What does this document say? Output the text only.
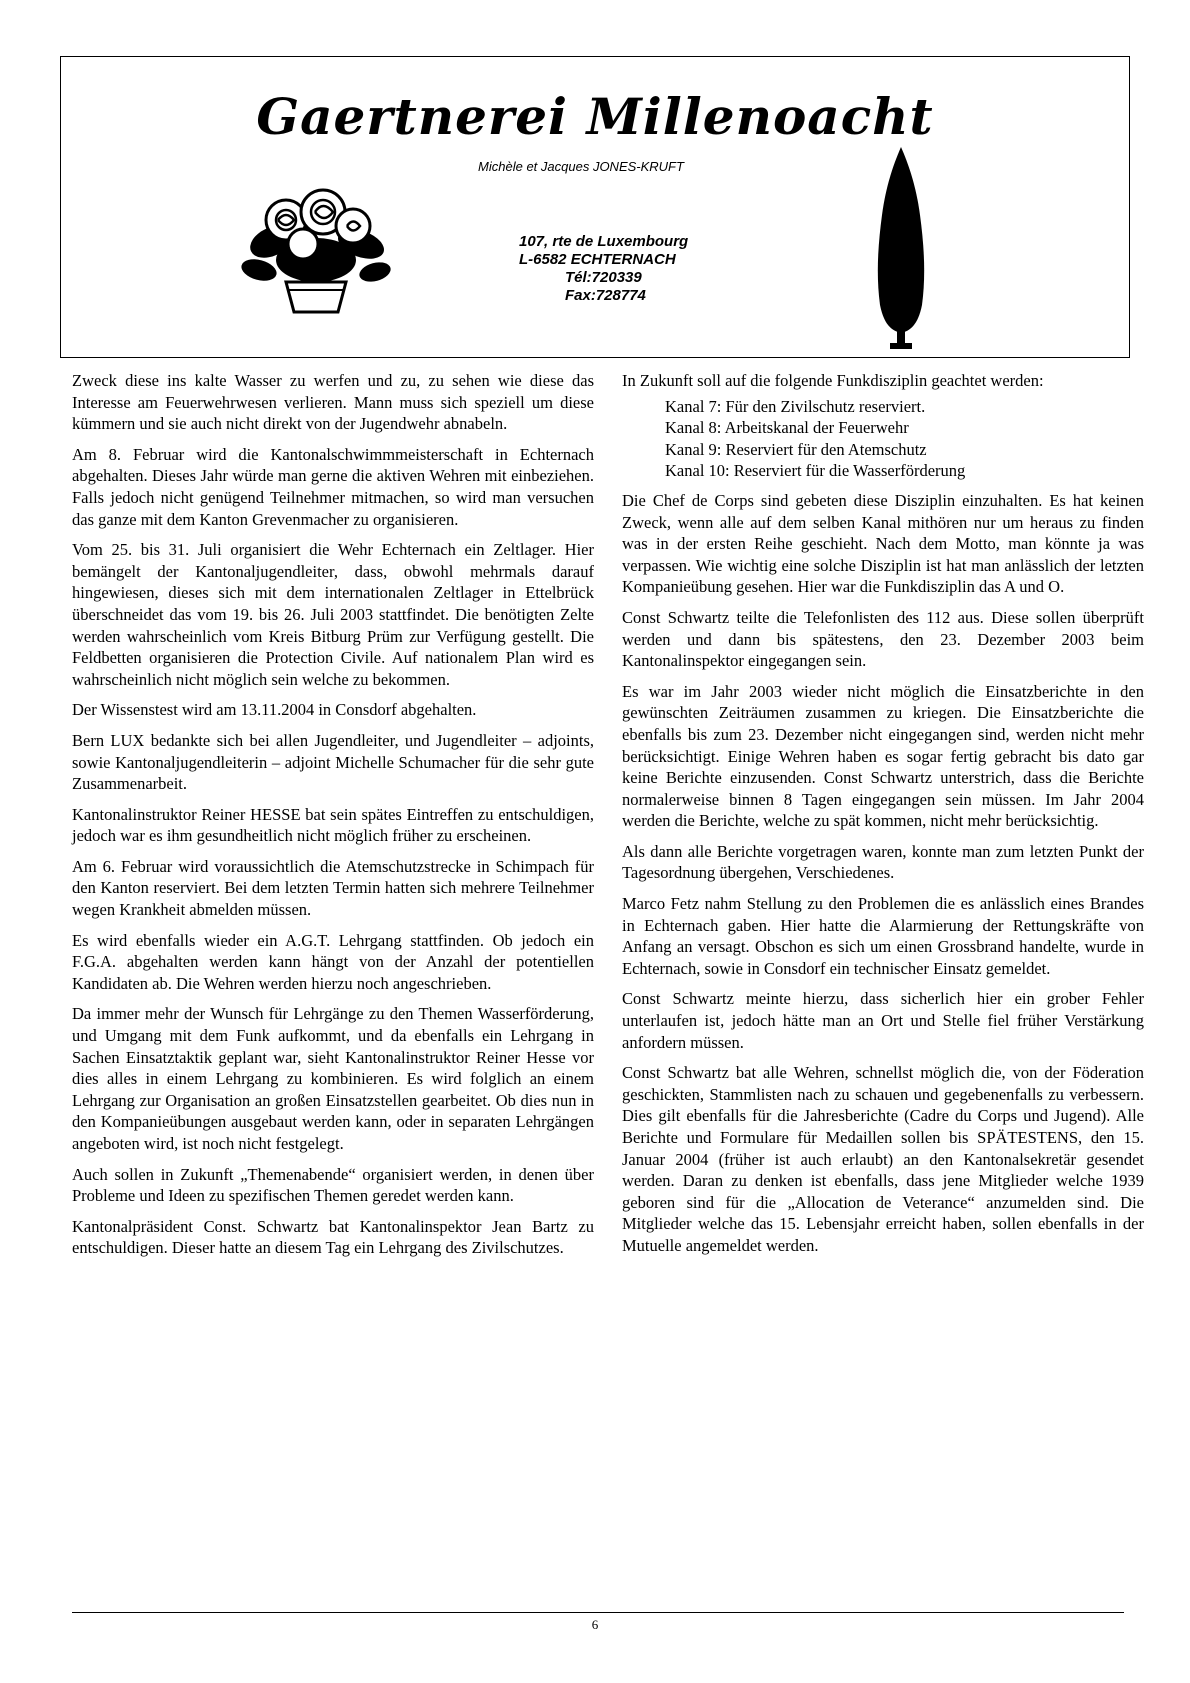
Gaertnerei Millenoacht
Michèle et Jacques JONES-KRUFT
107, rte de Luxembourg
L-6582 ECHTERNACH
Tél:720339
Fax:728774

Zweck diese ins kalte Wasser zu werfen und zu, zu sehen wie diese das Interesse am Feuerwehrwesen verlieren. Mann muss sich speziell um diese kümmern und sie auch nicht direkt von der Jugendwehr abnabeln.

Am 8. Februar wird die Kantonalschwimmmeisterschaft in Echternach abgehalten. Dieses Jahr würde man gerne die aktiven Wehren mit einbeziehen. Falls jedoch nicht genügend Teilnehmer mitmachen, so wird man versuchen das ganze mit dem Kanton Grevenmacher zu organisieren.

Vom 25. bis 31. Juli organisiert die Wehr Echternach ein Zeltlager. Hier bemängelt der Kantonaljugendleiter, dass, obwohl mehrmals darauf hingewiesen, dieses sich mit dem internationalen Zeltlager in Ettelbrück überschneidet das vom 19. bis 26. Juli 2003 stattfindet. Die benötigten Zelte werden wahrscheinlich vom Kreis Bitburg Prüm zur Verfügung gestellt. Die Feldbetten organisieren die Protection Civile. Auf nationalem Plan wird es wahrscheinlich nicht möglich sein welche zu bekommen.

Der Wissenstest wird am 13.11.2004 in Consdorf abgehalten.

Bern LUX bedankte sich bei allen Jugendleiter, und Jugendleiter – adjoints, sowie Kantonaljugendleiterin – adjoint Michelle Schumacher für die sehr gute Zusammenarbeit.

Kantonalinstruktor Reiner HESSE bat sein spätes Eintreffen zu entschuldigen, jedoch war es ihm gesundheitlich nicht möglich früher zu erscheinen.

Am 6. Februar wird voraussichtlich die Atemschutzstrecke in Schimpach für den Kanton reserviert. Bei dem letzten Termin hatten sich mehrere Teilnehmer wegen Krankheit abmelden müssen.

Es wird ebenfalls wieder ein A.G.T. Lehrgang stattfinden. Ob jedoch ein F.G.A. abgehalten werden kann hängt von der Anzahl der potentiellen Kandidaten ab. Die Wehren werden hierzu noch angeschrieben.

Da immer mehr der Wunsch für Lehrgänge zu den Themen Wasserförderung, und Umgang mit dem Funk aufkommt, und da ebenfalls ein Lehrgang in Sachen Einsatztaktik geplant war, sieht Kantonalinstruktor Reiner Hesse vor dies alles in einem Lehrgang zu kombinieren. Es wird folglich an einem Lehrgang zur Organisation an großen Einsatzstellen gearbeitet. Ob dies nun in den Kompanieübungen ausgebaut werden kann, oder in separaten Lehrgängen angeboten wird, ist noch nicht festgelegt.

Auch sollen in Zukunft „Themenabende“ organisiert werden, in denen über Probleme und Ideen zu spezifischen Themen geredet werden kann.

Kantonalpräsident Const. Schwartz bat Kantonalinspektor Jean Bartz zu entschuldigen. Dieser hatte an diesem Tag ein Lehrgang des Zivilschutzes.

In Zukunft soll auf die folgende Funkdisziplin geachtet werden:

Kanal 7: Für den Zivilschutz reserviert.
Kanal 8: Arbeitskanal der Feuerwehr
Kanal 9: Reserviert für den Atemschutz
Kanal 10: Reserviert für die Wasserförderung

Die Chef de Corps sind gebeten diese Disziplin einzuhalten. Es hat keinen Zweck, wenn alle auf dem selben Kanal mithören nur um heraus zu finden was in der ersten Reihe geschieht. Nach dem Motto, man könnte ja was verpassen. Wie wichtig eine solche Disziplin ist hat man anlässlich der letzten Kompanieübung gesehen. Hier war die Funkdisziplin das A und O.

Const Schwartz teilte die Telefonlisten des 112 aus. Diese sollen überprüft werden und dann bis spätestens, den 23. Dezember 2003 beim Kantonalinspektor eingegangen sein.

Es war im Jahr 2003 wieder nicht möglich die Einsatzberichte in den gewünschten Zeiträumen zusammen zu kriegen. Die Einsatzberichte die ebenfalls bis zum 23. Dezember nicht eingegangen sind, werden nicht mehr berücksichtigt. Einige Wehren haben es sogar fertig gebracht bis dato gar keine Berichte einzusenden. Const Schwartz unterstrich, dass die Berichte normalerweise binnen 8 Tagen eingegangen sein müssen. Im Jahr 2004 werden die Berichte, welche zu spät kommen, nicht mehr berücksichtig.

Als dann alle Berichte vorgetragen waren, konnte man zum letzten Punkt der Tagesordnung übergehen, Verschiedenes.

Marco Fetz nahm Stellung zu den Problemen die es anlässlich eines Brandes in Echternach gaben. Hier hatte die Alarmierung der Rettungskräfte von Anfang an versagt. Obschon es sich um einen Grossbrand handelte, wurde in Echternach, sowie in Consdorf ein technischer Einsatz gemeldet.

Const Schwartz meinte hierzu, dass sicherlich hier ein grober Fehler unterlaufen ist, jedoch hätte man an Ort und Stelle fiel früher Verstärkung anfordern müssen.

Const Schwartz bat alle Wehren, schnellst möglich die, von der Föderation geschickten, Stammlisten nach zu schauen und gegebenenfalls zu verbessern. Dies gilt ebenfalls für die Jahresberichte (Cadre du Corps und Jugend). Alle Berichte und Formulare für Medaillen sollen bis SPÄTESTENS, den 15. Januar 2004 (früher ist auch erlaubt) an den Kantonalsekretär gesendet werden. Daran zu denken ist ebenfalls, dass jene Mitglieder welche 1939 geboren sind für die „Allocation de Veterance“ anzumelden sind. Die Mitglieder welche das 15. Lebensjahr erreicht haben, sollen ebenfalls in der Mutuelle angemeldet werden.

6
